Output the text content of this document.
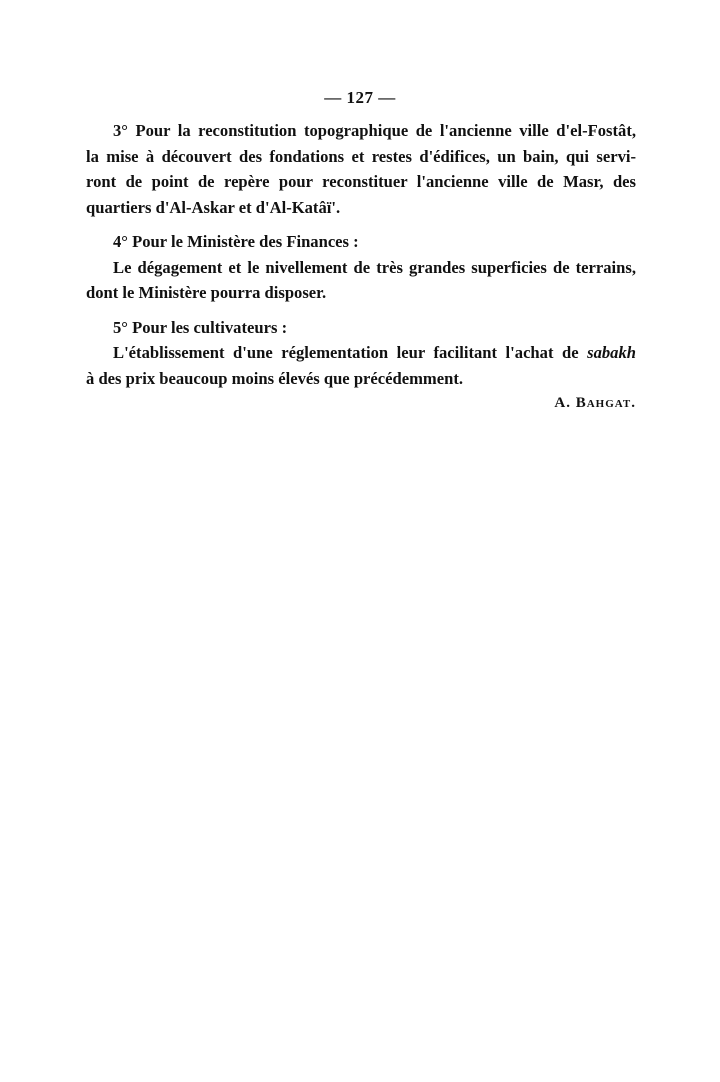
— 127 —

3° Pour la reconstitution topographique de l'ancienne ville d'el-Fostât,
la mise à découvert des fondations et restes d'édifices, un bain, qui servi-
ront de point de repère pour reconstituer l'ancienne ville de Masr, des
quartiers d'Al-Askar et d'Al-Katâï'.

4° Pour le Ministère des Finances :
Le dégagement et le nivellement de très grandes superficies de terrains,
dont le Ministère pourra disposer.

5° Pour les cultivateurs :
L'établissement d'une réglementation leur facilitant l'achat de sabakh
à des prix beaucoup moins élevés que précédemment.

A. Bahgat.
